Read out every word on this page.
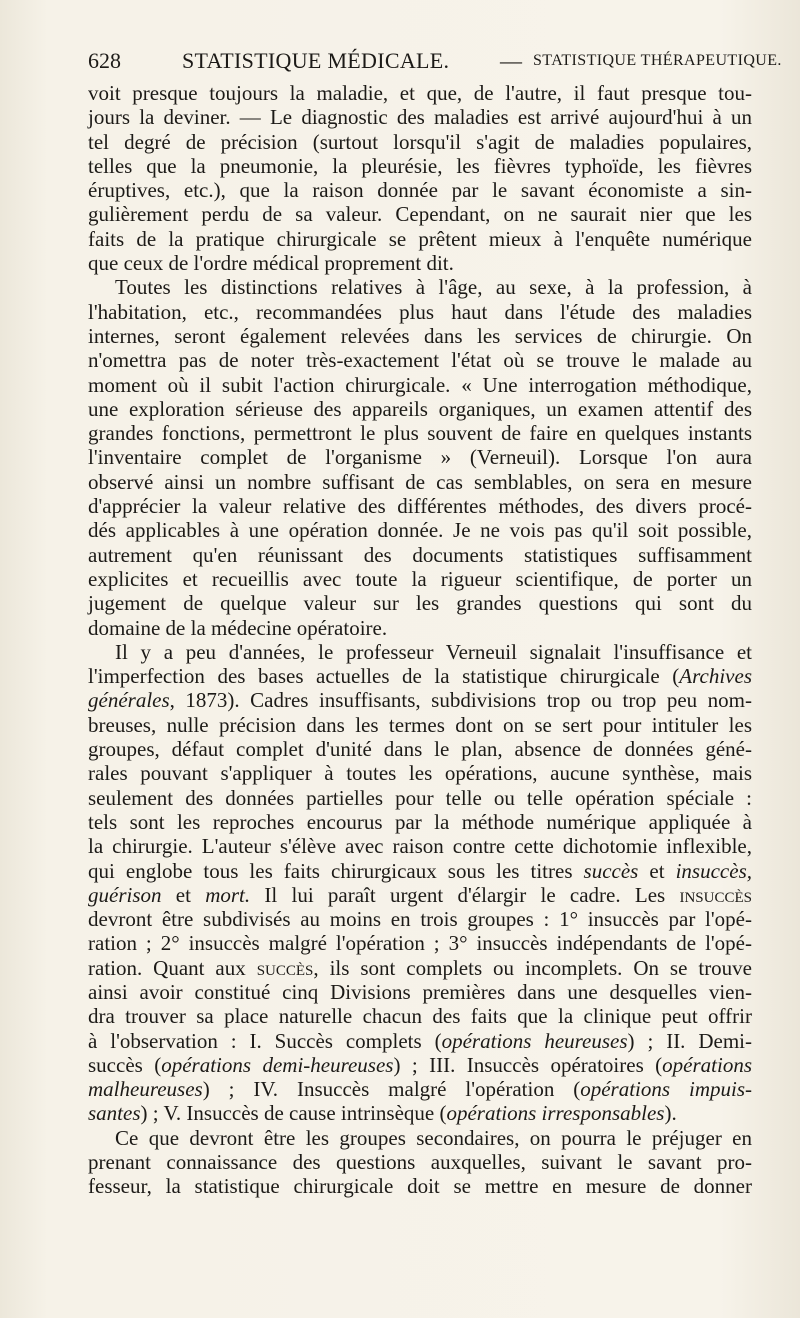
628	STATISTIQUE MÉDICALE. — STATISTIQUE THÉRAPEUTIQUE.

voit presque toujours la maladie, et que, de l'autre, il faut presque tou-

jours la deviner. — Le diagnostic des maladies est arrivé aujourd'hui à un

tel degré de précision (surtout lorsqu'il s'agit de maladies populaires,

telles que la pneumonie, la pleurésie, les fièvres typhoïde, les fièvres

éruptives, etc.), que la raison donnée par le savant économiste a sin-

gulièrement perdu de sa valeur. Cependant, on ne saurait nier que les

faits de la pratique chirurgicale se prêtent mieux à l'enquête numérique

que ceux de l'ordre médical proprement dit.

Toutes les distinctions relatives à l'âge, au sexe, à la profession, à

l'habitation, etc., recommandées plus haut dans l'étude des maladies

internes, seront également relevées dans les services de chirurgie. On

n'omettra pas de noter très-exactement l'état où se trouve le malade au

moment où il subit l'action chirurgicale. « Une interrogation méthodique,

une exploration sérieuse des appareils organiques, un examen attentif des

grandes fonctions, permettront le plus souvent de faire en quelques instants

l'inventaire complet de l'organisme » (Verneuil). Lorsque l'on aura

observé ainsi un nombre suffisant de cas semblables, on sera en mesure

d'apprécier la valeur relative des différentes méthodes, des divers procé-

dés applicables à une opération donnée. Je ne vois pas qu'il soit possible,

autrement qu'en réunissant des documents statistiques suffisamment

explicites et recueillis avec toute la rigueur scientifique, de porter un

jugement de quelque valeur sur les grandes questions qui sont du

domaine de la médecine opératoire.

Il y a peu d'années, le professeur Verneuil signalait l'insuffisance et

l'imperfection des bases actuelles de la statistique chirurgicale (Archives

générales, 1873). Cadres insuffisants, subdivisions trop ou trop peu nom-

breuses, nulle précision dans les termes dont on se sert pour intituler les

groupes, défaut complet d'unité dans le plan, absence de données géné-

rales pouvant s'appliquer à toutes les opérations, aucune synthèse, mais

seulement des données partielles pour telle ou telle opération spéciale :

tels sont les reproches encourus par la méthode numérique appliquée à

la chirurgie. L'auteur s'élève avec raison contre cette dichotomie inflexible,

qui englobe tous les faits chirurgicaux sous les titres succès et insuccès,

guérison et mort. Il lui paraît urgent d'élargir le cadre. Les insuccès

devront être subdivisés au moins en trois groupes : 1° insuccès par l'opé-

ration ; 2° insuccès malgré l'opération ; 3° insuccès indépendants de l'opé-

ration. Quant aux succès, ils sont complets ou incomplets. On se trouve

ainsi avoir constitué cinq Divisions premières dans une desquelles vien-

dra trouver sa place naturelle chacun des faits que la clinique peut offrir

à l'observation : I. Succès complets (opérations heureuses) ; II. Demi-

succès (opérations demi-heureuses) ; III. Insuccès opératoires (opérations

malheureuses) ; IV. Insuccès malgré l'opération (opérations impuis-

santes) ; V. Insuccès de cause intrinsèque (opérations irresponsables).

Ce que devront être les groupes secondaires, on pourra le préjuger en

prenant connaissance des questions auxquelles, suivant le savant pro-

fesseur, la statistique chirurgicale doit se mettre en mesure de donner
